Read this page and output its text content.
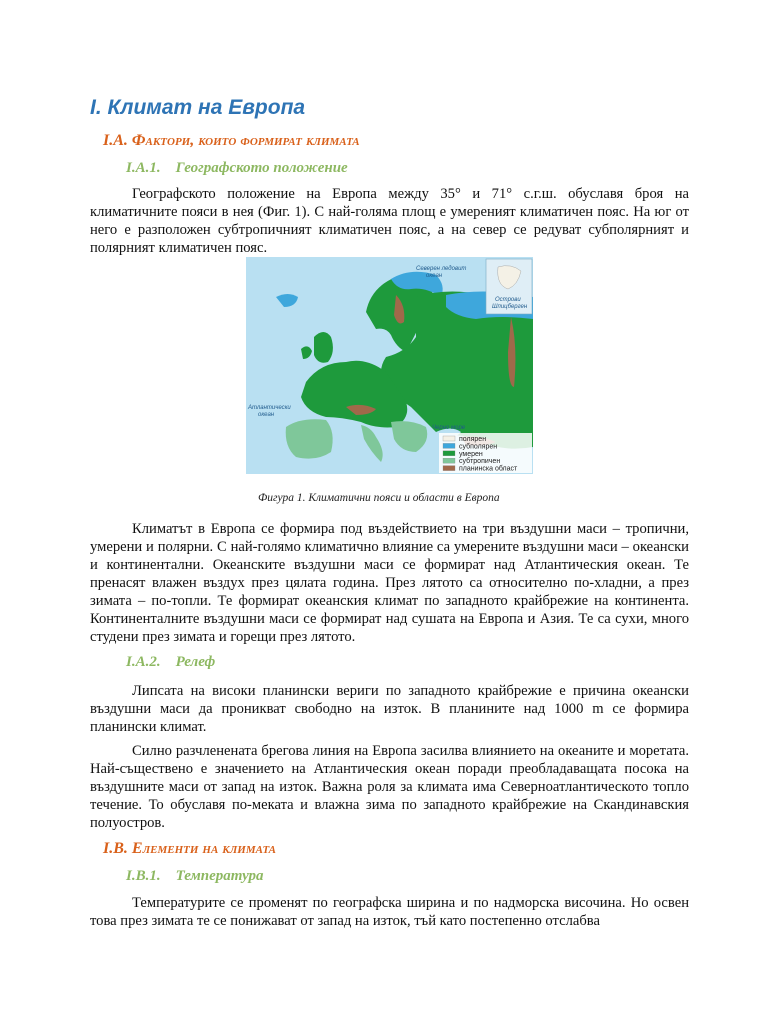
I. Климат на Европа
I.A. Фактори, които формират климата
I.A.1.    Географското положение

Географското положение на Европа между 35° и 71° с.г.ш. обуславя броя на климатичните пояси в нея (Фиг. 1). С най-голяма площ е умереният климатичен пояс. На юг от него е разположен субтропичният климатичен пояс, а на север се редуват субполярният и полярният климатичен пояс.

Северен ледовит
океан
Атлантически
океан
Черно море
Острови
Шпицберген
полярен
субполярен
умерен
субтропичен
планинска област

Фигура 1. Климатични пояси и области в Европа

Климатът в Европа се формира под въздействието на три въздушни маси – тропични, умерени и полярни. С най-голямо климатично влияние са умерените въздушни маси – океански и континентални. Океанските въздушни маси се формират над Атлантическия океан. Те пренасят влажен въздух през цялата година. През лятото са относително по-хладни, а през зимата – по-топли. Те формират океанския климат по западното крайбрежие на континента. Континенталните въздушни маси се формират над сушата на Европа и Азия. Те са сухи, много студени през зимата и горещи през лятото.

I.A.2.    Релеф

Липсата на високи планински вериги по западното крайбрежие е причина океански въздушни маси да проникват свободно на изток. В планините над 1000 m се формира планински климат.

Силно разчленената брегова линия на Европа засилва влиянието на океаните и моретата. Най-съществено е значението на Атлантическия океан поради преобладаващата посока на въздушните маси от запад на изток. Важна роля за климата има Северноатлантическото топло течение. То обуславя по-меката и влажна зима по западното крайбрежие на Скандинавския полуостров.

I.B. Елементи на климата
I.B.1.    Температура

Температурите се променят по географска ширина и по надморска височина. Но освен това през зимата те се понижават от запад на изток, тъй като постепенно отслабва
